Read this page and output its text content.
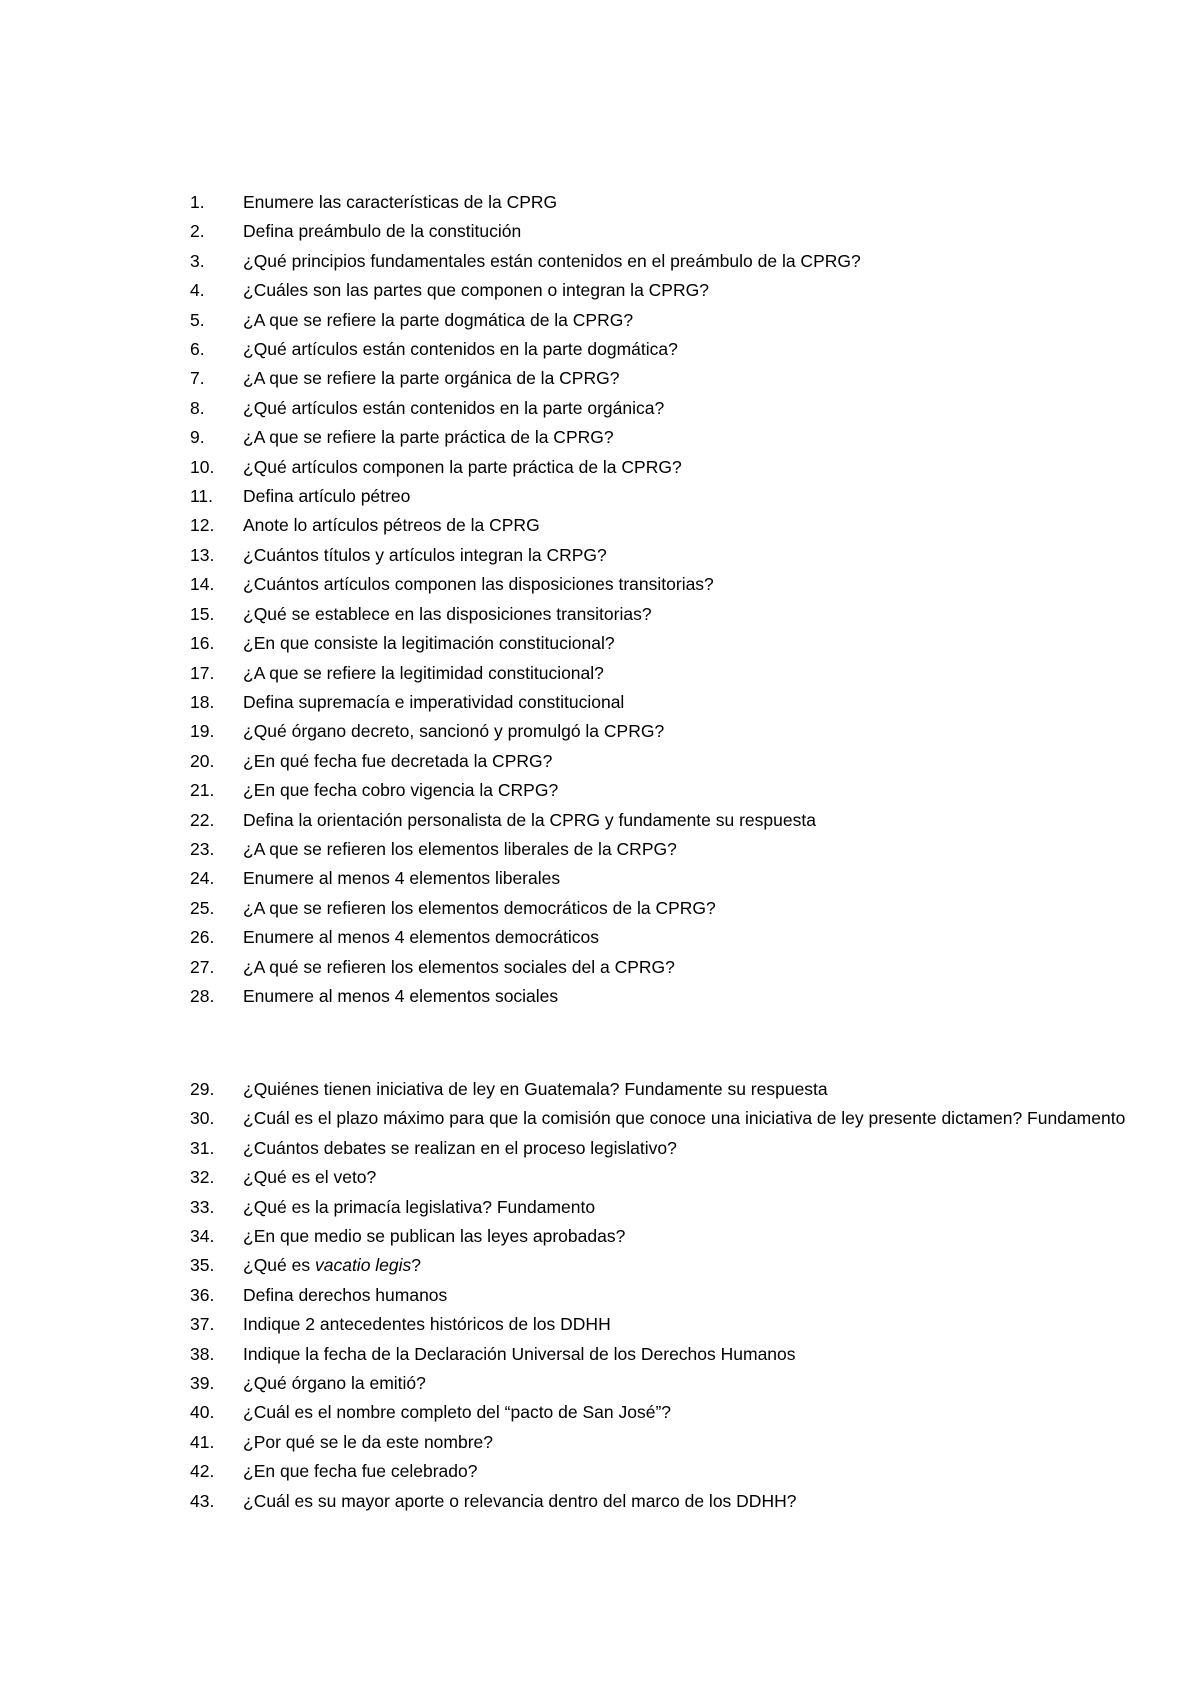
1.	Enumere las características de la CPRG
2.	Defina preámbulo de la constitución
3.	¿Qué principios fundamentales están contenidos en el preámbulo de la CPRG?
4.	¿Cuáles son las partes que componen o integran la CPRG?
5.	¿A que se refiere la parte dogmática de la CPRG?
6.	¿Qué artículos están contenidos en la parte dogmática?
7.	¿A que se refiere la parte orgánica de la CPRG?
8.	¿Qué artículos están contenidos en la parte orgánica?
9.	¿A que se refiere la parte práctica de la CPRG?
10.	¿Qué artículos componen la parte práctica de la CPRG?
11.	Defina artículo pétreo
12.	Anote lo artículos pétreos de la CPRG
13.	¿Cuántos títulos y artículos integran la CRPG?
14.	¿Cuántos artículos componen las disposiciones transitorias?
15.	¿Qué se establece en las disposiciones transitorias?
16.	¿En que consiste la legitimación constitucional?
17.	¿A que se refiere la legitimidad constitucional?
18.	Defina supremacía e imperatividad constitucional
19.	¿Qué órgano decreto, sancionó y promulgó la CPRG?
20.	¿En qué fecha fue decretada la CPRG?
21.	¿En que fecha cobro vigencia la CRPG?
22.	Defina la orientación personalista de la CPRG y fundamente su respuesta
23.	¿A que se refieren los elementos liberales de la CRPG?
24.	Enumere al menos 4 elementos liberales
25.	¿A que se refieren los elementos democráticos de la CPRG?
26.	Enumere al menos 4 elementos democráticos
27.	¿A qué se refieren los elementos sociales del a CPRG?
28.	Enumere al menos 4 elementos sociales
29.	¿Quiénes tienen iniciativa de ley en Guatemala? Fundamente su respuesta
30.	¿Cuál es el plazo máximo para que la comisión que conoce una iniciativa de ley presente dictamen? Fundamento
31.	¿Cuántos debates se realizan en el proceso legislativo?
32.	¿Qué es el veto?
33.	¿Qué es la primacía legislativa? Fundamento
34.	¿En que medio se publican las leyes aprobadas?
35.	¿Qué es vacatio legis?
36.	Defina derechos humanos
37.	Indique 2 antecedentes históricos de los DDHH
38.	Indique la fecha de la Declaración Universal de los Derechos Humanos
39.	¿Qué órgano la emitió?
40.	¿Cuál es el nombre completo del “pacto de San José”?
41.	¿Por qué se le da este nombre?
42.	¿En que fecha fue celebrado?
43.	¿Cuál es su mayor aporte o relevancia dentro del marco de los DDHH?
